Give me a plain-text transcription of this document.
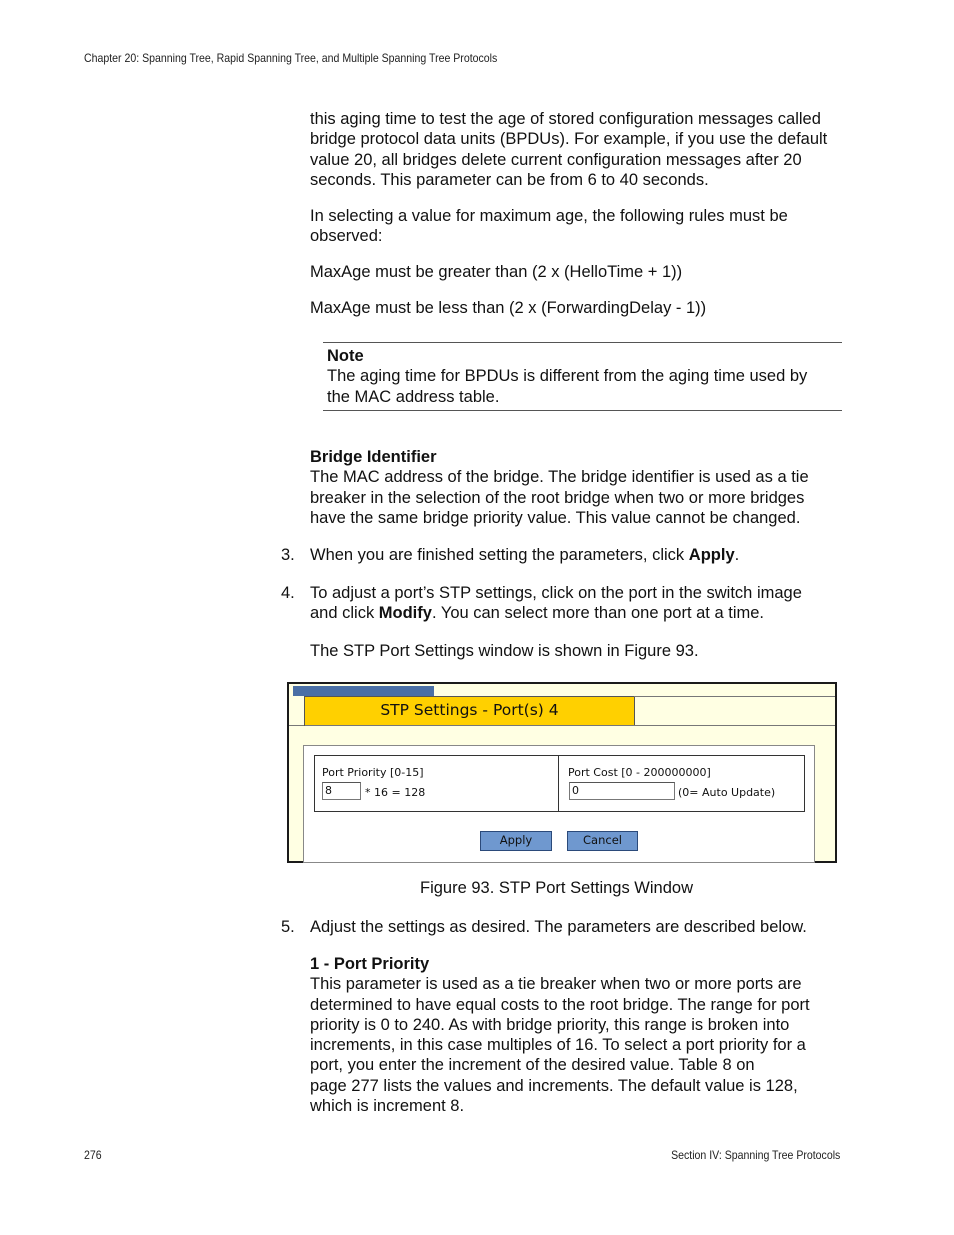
Chapter 20: Spanning Tree, Rapid Spanning Tree, and Multiple Spanning Tree Protocols
this aging time to test the age of stored configuration messages called
bridge protocol data units (BPDUs). For example, if you use the default
value 20, all bridges delete current configuration messages after 20
seconds. This parameter can be from 6 to 40 seconds.
In selecting a value for maximum age, the following rules must be
observed:
MaxAge must be greater than (2 x (HelloTime + 1))
MaxAge must be less than (2 x (ForwardingDelay - 1))
Note
The aging time for BPDUs is different from the aging time used by
the MAC address table.
Bridge Identifier
The MAC address of the bridge. The bridge identifier is used as a tie
breaker in the selection of the root bridge when two or more bridges
have the same bridge priority value. This value cannot be changed.
3. When you are finished setting the parameters, click Apply.
4. To adjust a port’s STP settings, click on the port in the switch image
and click Modify. You can select more than one port at a time.
The STP Port Settings window is shown in Figure 93.
STP Settings - Port(s) 4
Port Priority [0-15]
8	* 16 = 128
Port Cost [0 - 200000000]
0	(0= Auto Update)
Apply	Cancel
Figure 93. STP Port Settings Window
5. Adjust the settings as desired. The parameters are described below.
1 - Port Priority
This parameter is used as a tie breaker when two or more ports are
determined to have equal costs to the root bridge. The range for port
priority is 0 to 240. As with bridge priority, this range is broken into
increments, in this case multiples of 16. To select a port priority for a
port, you enter the increment of the desired value. Table 8 on
page 277 lists the values and increments. The default value is 128,
which is increment 8.
276	Section IV: Spanning Tree Protocols
